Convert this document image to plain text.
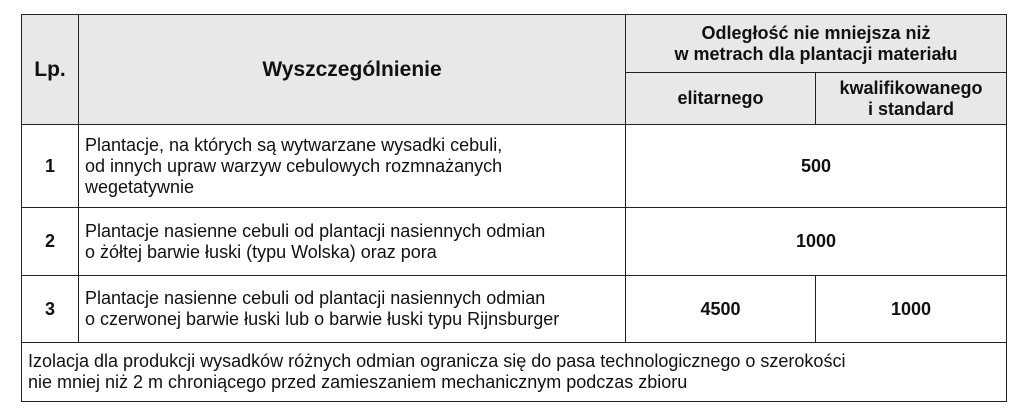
Lp.	Wyszczególnienie	Odległość nie mniejsza niż
w metrach dla plantacji materiału	

		elitarnego	kwalifikowanego
i standard

1	Plantacje, na których są wytwarzane wysadki cebuli,
od innych upraw warzyw cebulowych rozmnażanych
wegetatywnie	500	
2	Plantacje nasienne cebuli od plantacji nasiennych odmian
o żółtej barwie łuski (typu Wolska) oraz pora	1000	
3	Plantacje nasienne cebuli od plantacji nasiennych odmian
o czerwonej barwie łuski lub o barwie łuski typu Rijnsburger	4500	1000

Izolacja dla produkcji wysadków różnych odmian ogranicza się do pasa technologicznego o szerokości
nie mniej niż 2 m chroniącego przed zamieszaniem mechanicznym podczas zbioru			
